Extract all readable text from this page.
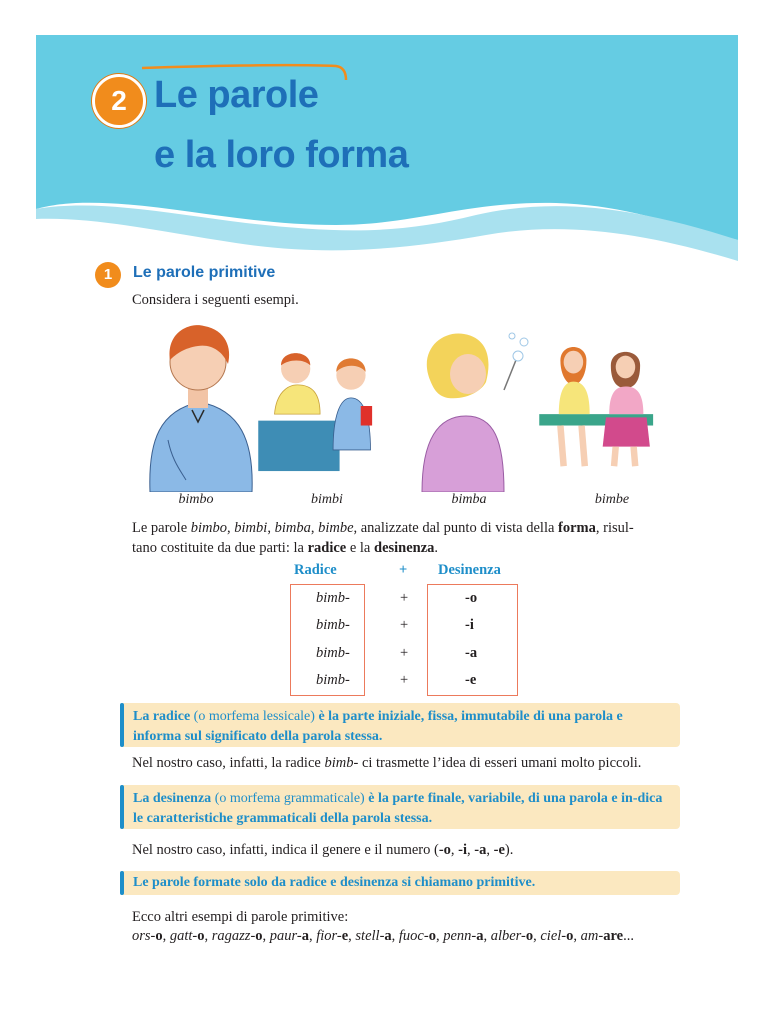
2 Le parole
e la loro forma
1	Le parole primitive
Considera i seguenti esempi.
bimbo	bimbi	bimba	bimbe
Le parole bimbo, bimbi, bimba, bimbe, analizzate dal punto di vista della forma, risul-
tano costituite da due parti: la radice e la desinenza.
Radice	+ Desinenza
bimb-	+	-o
bimb-	+	-i
bimb-	+	-a
bimb-	+	-e
La radice (o morfema lessicale) è la parte iniziale, fissa, immutabile di una parola e informa sul significato della parola stessa.
Nel nostro caso, infatti, la radice bimb- ci trasmette l’idea di esseri umani molto piccoli.
La desinenza (o morfema grammaticale) è la parte finale, variabile, di una parola e in-dica le caratteristiche grammaticali della parola stessa.
Nel nostro caso, infatti, indica il genere e il numero (-o, -i, -a, -e).
Le parole formate solo da radice e desinenza si chiamano primitive.
Ecco altri esempi di parole primitive:
ors-o, gatt-o, ragazz-o, paur-a, fior-e, stell-a, fuoc-o, penn-a, alber-o, ciel-o, am-are...
